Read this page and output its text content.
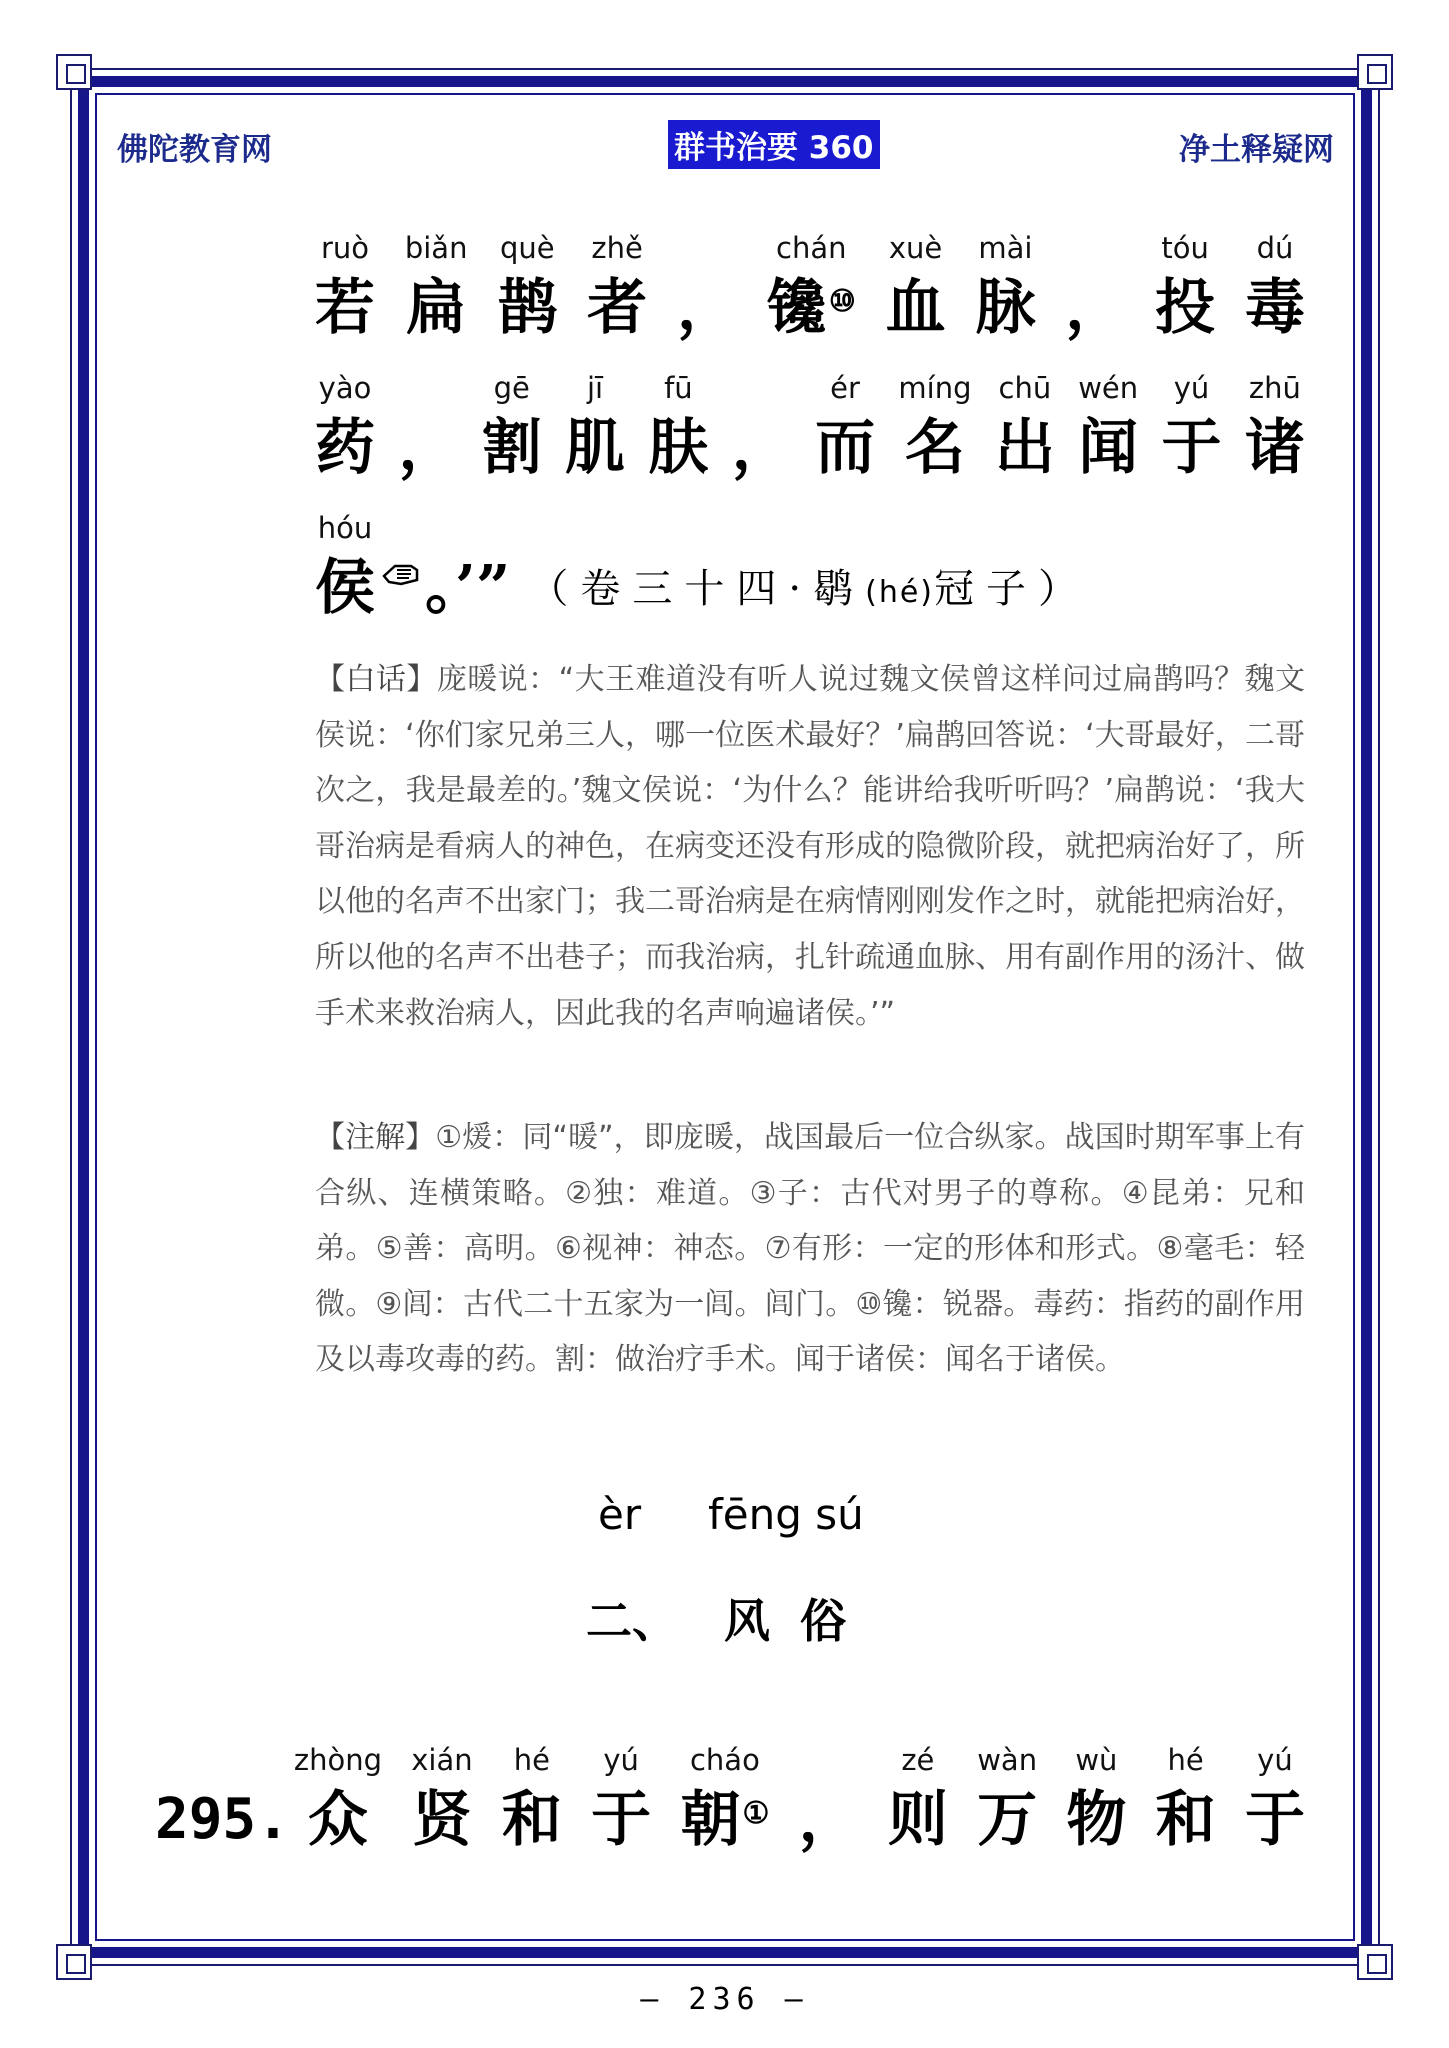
佛陀教育网	群书治要 360	净土释疑网
ruò
若
biǎn
扁
què
鹊
zhě
者 ，
chán
镵⑩
xuè
血
mài
脉 ，
tóu
投
dú
毒
yào
药 ，
gē
割
jī
肌
fū
肤 ，
ér
而
míng
名
chū
出
wén
闻
yú
于
zhū
诸
hóu
侯 。’” （卷三十四·鹖(hé)冠子）
【白话】庞暖说：“大王难道没有听人说过魏文侯曾这样问过扁鹊吗？魏文侯说：‘你们家兄弟三人，哪一位医术最好？’扁鹊回答说：‘大哥最好，二哥次之，我是最差的。’魏文侯说：‘为什么？能讲给我听听吗？’扁鹊说：‘我大哥治病是看病人的神色，在病变还没有形成的隐微阶段，就把病治好了，所以他的名声不出家门；我二哥治病是在病情刚刚发作之时，就能把病治好，所以他的名声不出巷子；而我治病，扎针疏通血脉、用有副作用的汤汁、做手术来救治病人，因此我的名声响遍诸侯。’”
【注解】①煖：同“暖”，即庞暖，战国最后一位合纵家。战国时期军事上有合纵、连横策略。②独：难道。③子：古代对男子的尊称。④昆弟：兄和弟。⑤善：高明。⑥视神：神态。⑦有形：一定的形体和形式。⑧毫毛：轻微。⑨闾：古代二十五家为一闾。闾门。⑩镵：锐器。毒药：指药的副作用及以毒攻毒的药。割：做治疗手术。闻于诸侯：闻名于诸侯。
èr fēng sú
二、 风 俗
295.
zhòng
众
xián
贤
hé
和
yú
于
cháo
朝① ，
zé
则
wàn
万
wù
物
hé
和
yú
于
– 236 –
